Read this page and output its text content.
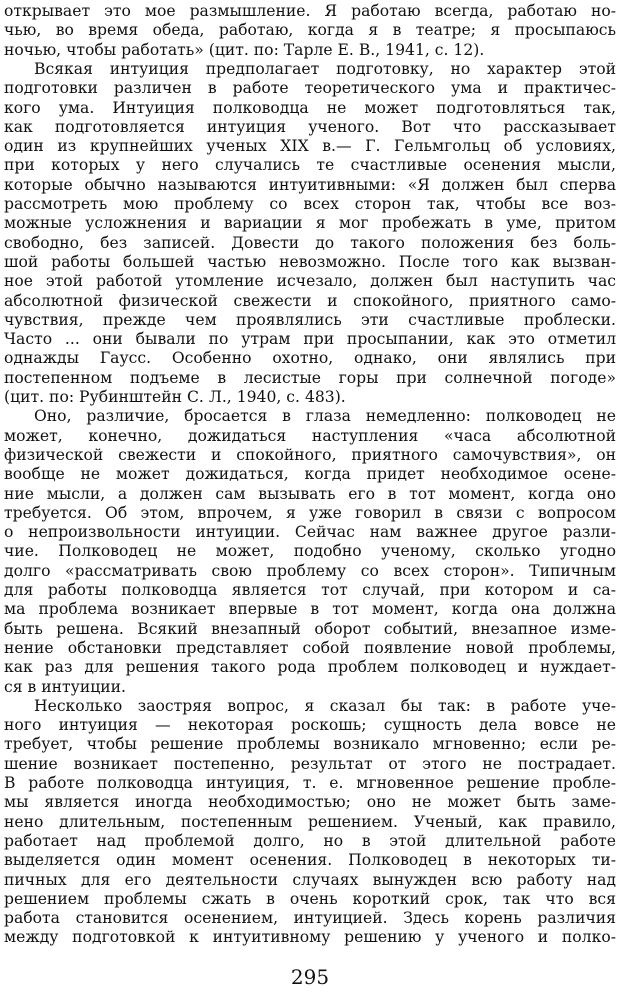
открывает это мое размышление. Я работаю всегда, работаю но-
чью, во время обеда, работаю, когда я в театре; я просыпаюсь
ночью, чтобы работать» (цит. по: Тарле Е. В., 1941, с. 12).
Всякая интуиция предполагает подготовку, но характер этой
подготовки различен в работе теоретического ума и практичес-
кого ума. Интуиция полководца не может подготовляться так,
как подготовляется интуиция ученого. Вот что рассказывает
один из крупнейших ученых XIX в.— Г. Гельмгольц об условиях,
при которых у него случались те счастливые осенения мысли,
которые обычно называются интуитивными: «Я должен был сперва
рассмотреть мою проблему со всех сторон так, чтобы все воз-
можные усложнения и вариации я мог пробежать в уме, притом
свободно, без записей. Довести до такого положения без боль-
шой работы большей частью невозможно. После того как вызван-
ное этой работой утомление исчезало, должен был наступить час
абсолютной физической свежести и спокойного, приятного само-
чувствия, прежде чем проявлялись эти счастливые проблески.
Часто ... они бывали по утрам при просыпании, как это отметил
однажды Гаусс. Особенно охотно, однако, они являлись при
постепенном подъеме в лесистые горы при солнечной погоде»
(цит. по: Рубинштейн С. Л., 1940, с. 483).
Оно, различие, бросается в глаза немедленно: полководец не
может, конечно, дожидаться наступления «часа абсолютной
физической свежести и спокойного, приятного самочувствия», он
вообще не может дожидаться, когда придет необходимое осене-
ние мысли, а должен сам вызывать его в тот момент, когда оно
требуется. Об этом, впрочем, я уже говорил в связи с вопросом
о непроизвольности интуиции. Сейчас нам важнее другое разли-
чие. Полководец не может, подобно ученому, сколько угодно
долго «рассматривать свою проблему со всех сторон». Типичным
для работы полководца является тот случай, при котором и са-
ма проблема возникает впервые в тот момент, когда она должна
быть решена. Всякий внезапный оборот событий, внезапное изме-
нение обстановки представляет собой появление новой проблемы,
как раз для решения такого рода проблем полководец и нуждает-
ся в интуиции.
Несколько заостряя вопрос, я сказал бы так: в работе уче-
ного интуиция — некоторая роскошь; сущность дела вовсе не
требует, чтобы решение проблемы возникало мгновенно; если ре-
шение возникает постепенно, результат от этого не пострадает.
В работе полководца интуиция, т. е. мгновенное решение пробле-
мы является иногда необходимостью; оно не может быть заме-
нено длительным, постепенным решением. Ученый, как правило,
работает над проблемой долго, но в этой длительной работе
выделяется один момент осенения. Полководец в некоторых ти-
пичных для его деятельности случаях вынужден всю работу над
решением проблемы сжать в очень короткий срок, так что вся
работа становится осенением, интуицией. Здесь корень различия
между подготовкой к интуитивному решению у ученого и полко-
295
